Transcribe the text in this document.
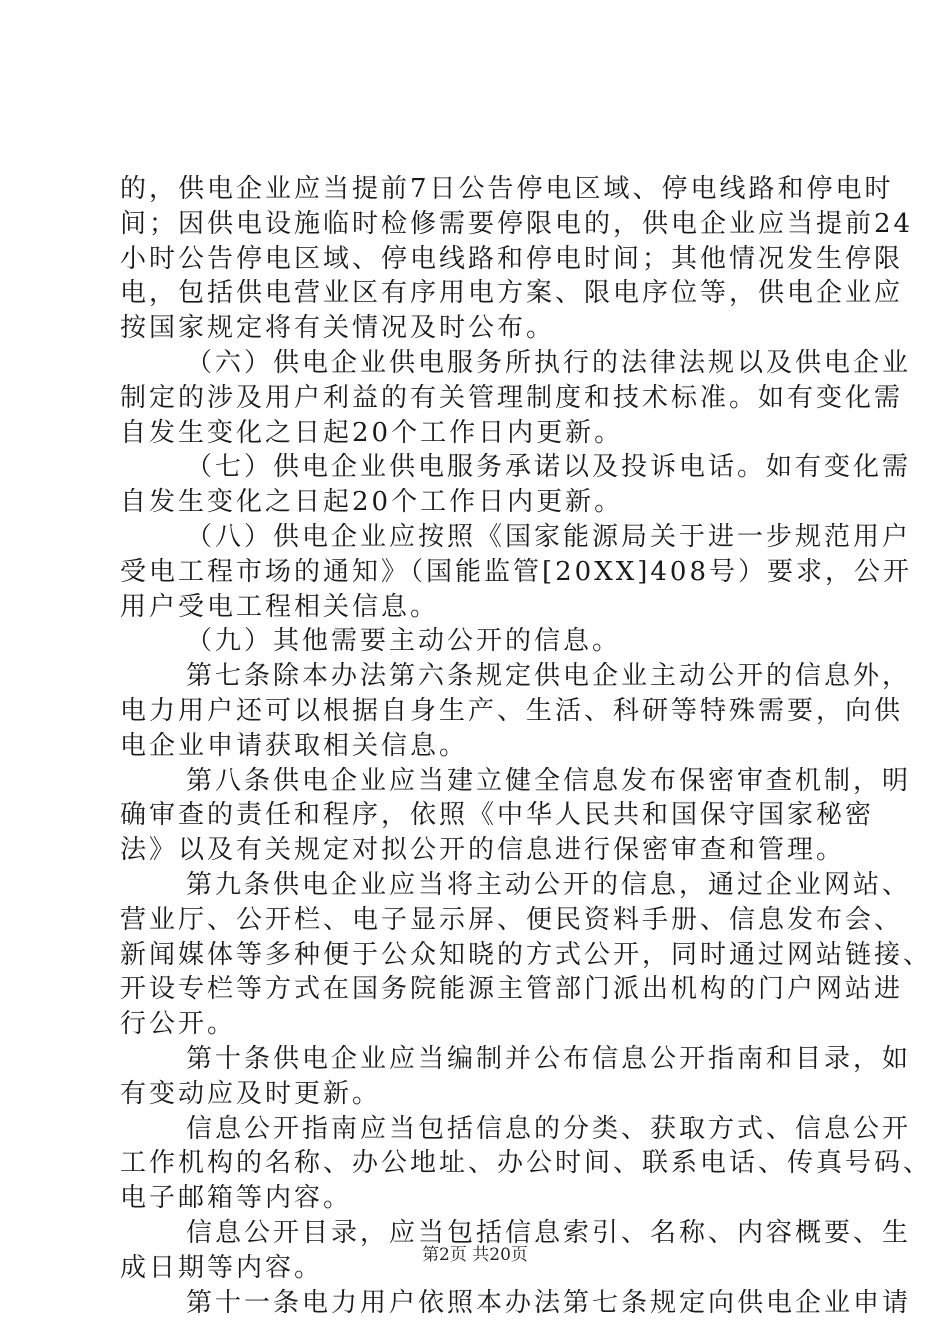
的，供电企业应当提前7日公告停电区域、停电线路和停电时
间；因供电设施临时检修需要停限电的，供电企业应当提前24
小时公告停电区域、停电线路和停电时间；其他情况发生停限
电，包括供电营业区有序用电方案、限电序位等，供电企业应
按国家规定将有关情况及时公布。
（六）供电企业供电服务所执行的法律法规以及供电企业
制定的涉及用户利益的有关管理制度和技术标准。如有变化需
自发生变化之日起20个工作日内更新。
（七）供电企业供电服务承诺以及投诉电话。如有变化需
自发生变化之日起20个工作日内更新。
（八）供电企业应按照《国家能源局关于进一步规范用户
受电工程市场的通知》（国能监管[20XX]408号）要求，公开
用户受电工程相关信息。
（九）其他需要主动公开的信息。
第七条除本办法第六条规定供电企业主动公开的信息外，
电力用户还可以根据自身生产、生活、科研等特殊需要，向供
电企业申请获取相关信息。
第八条供电企业应当建立健全信息发布保密审查机制，明
确审查的责任和程序，依照《中华人民共和国保守国家秘密
法》以及有关规定对拟公开的信息进行保密审查和管理。
第九条供电企业应当将主动公开的信息，通过企业网站、
营业厅、公开栏、电子显示屏、便民资料手册、信息发布会、
新闻媒体等多种便于公众知晓的方式公开，同时通过网站链接、
开设专栏等方式在国务院能源主管部门派出机构的门户网站进
行公开。
第十条供电企业应当编制并公布信息公开指南和目录，如
有变动应及时更新。
信息公开指南应当包括信息的分类、获取方式、信息公开
工作机构的名称、办公地址、办公时间、联系电话、传真号码、
电子邮箱等内容。
信息公开目录，应当包括信息索引、名称、内容概要、生
成日期等内容。
第十一条电力用户依照本办法第七条规定向供电企业申请
第2页 共20页
